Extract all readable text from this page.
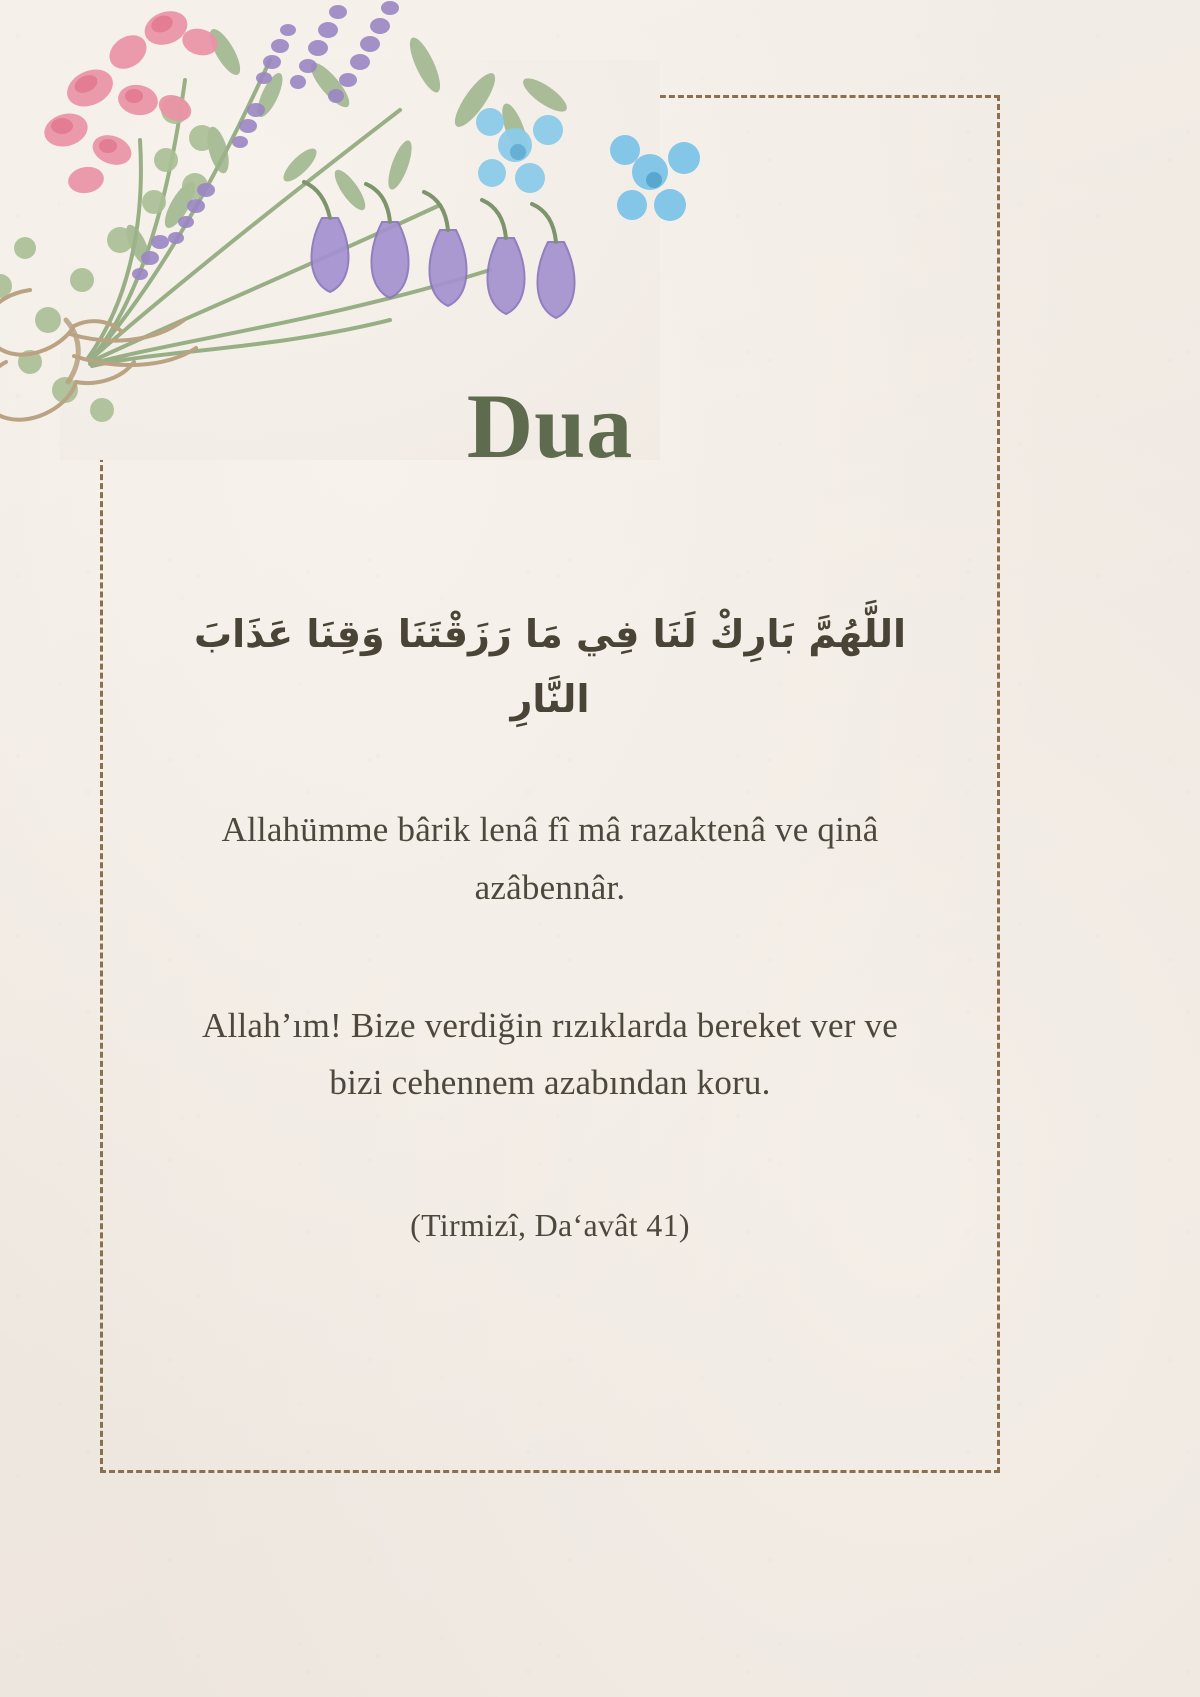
Dua

اللَّهُمَّ بَارِكْ لَنَا فِي مَا رَزَقْتَنَا وَقِنَا عَذَابَ النَّارِ

Allahümme bârik lenâ fî mâ razaktenâ ve qinâ azâbennâr.

Allah’ım! Bize verdiğin rızıklarda bereket ver ve bizi cehennem azabından koru.

(Tirmizî, Da‘avât 41)
